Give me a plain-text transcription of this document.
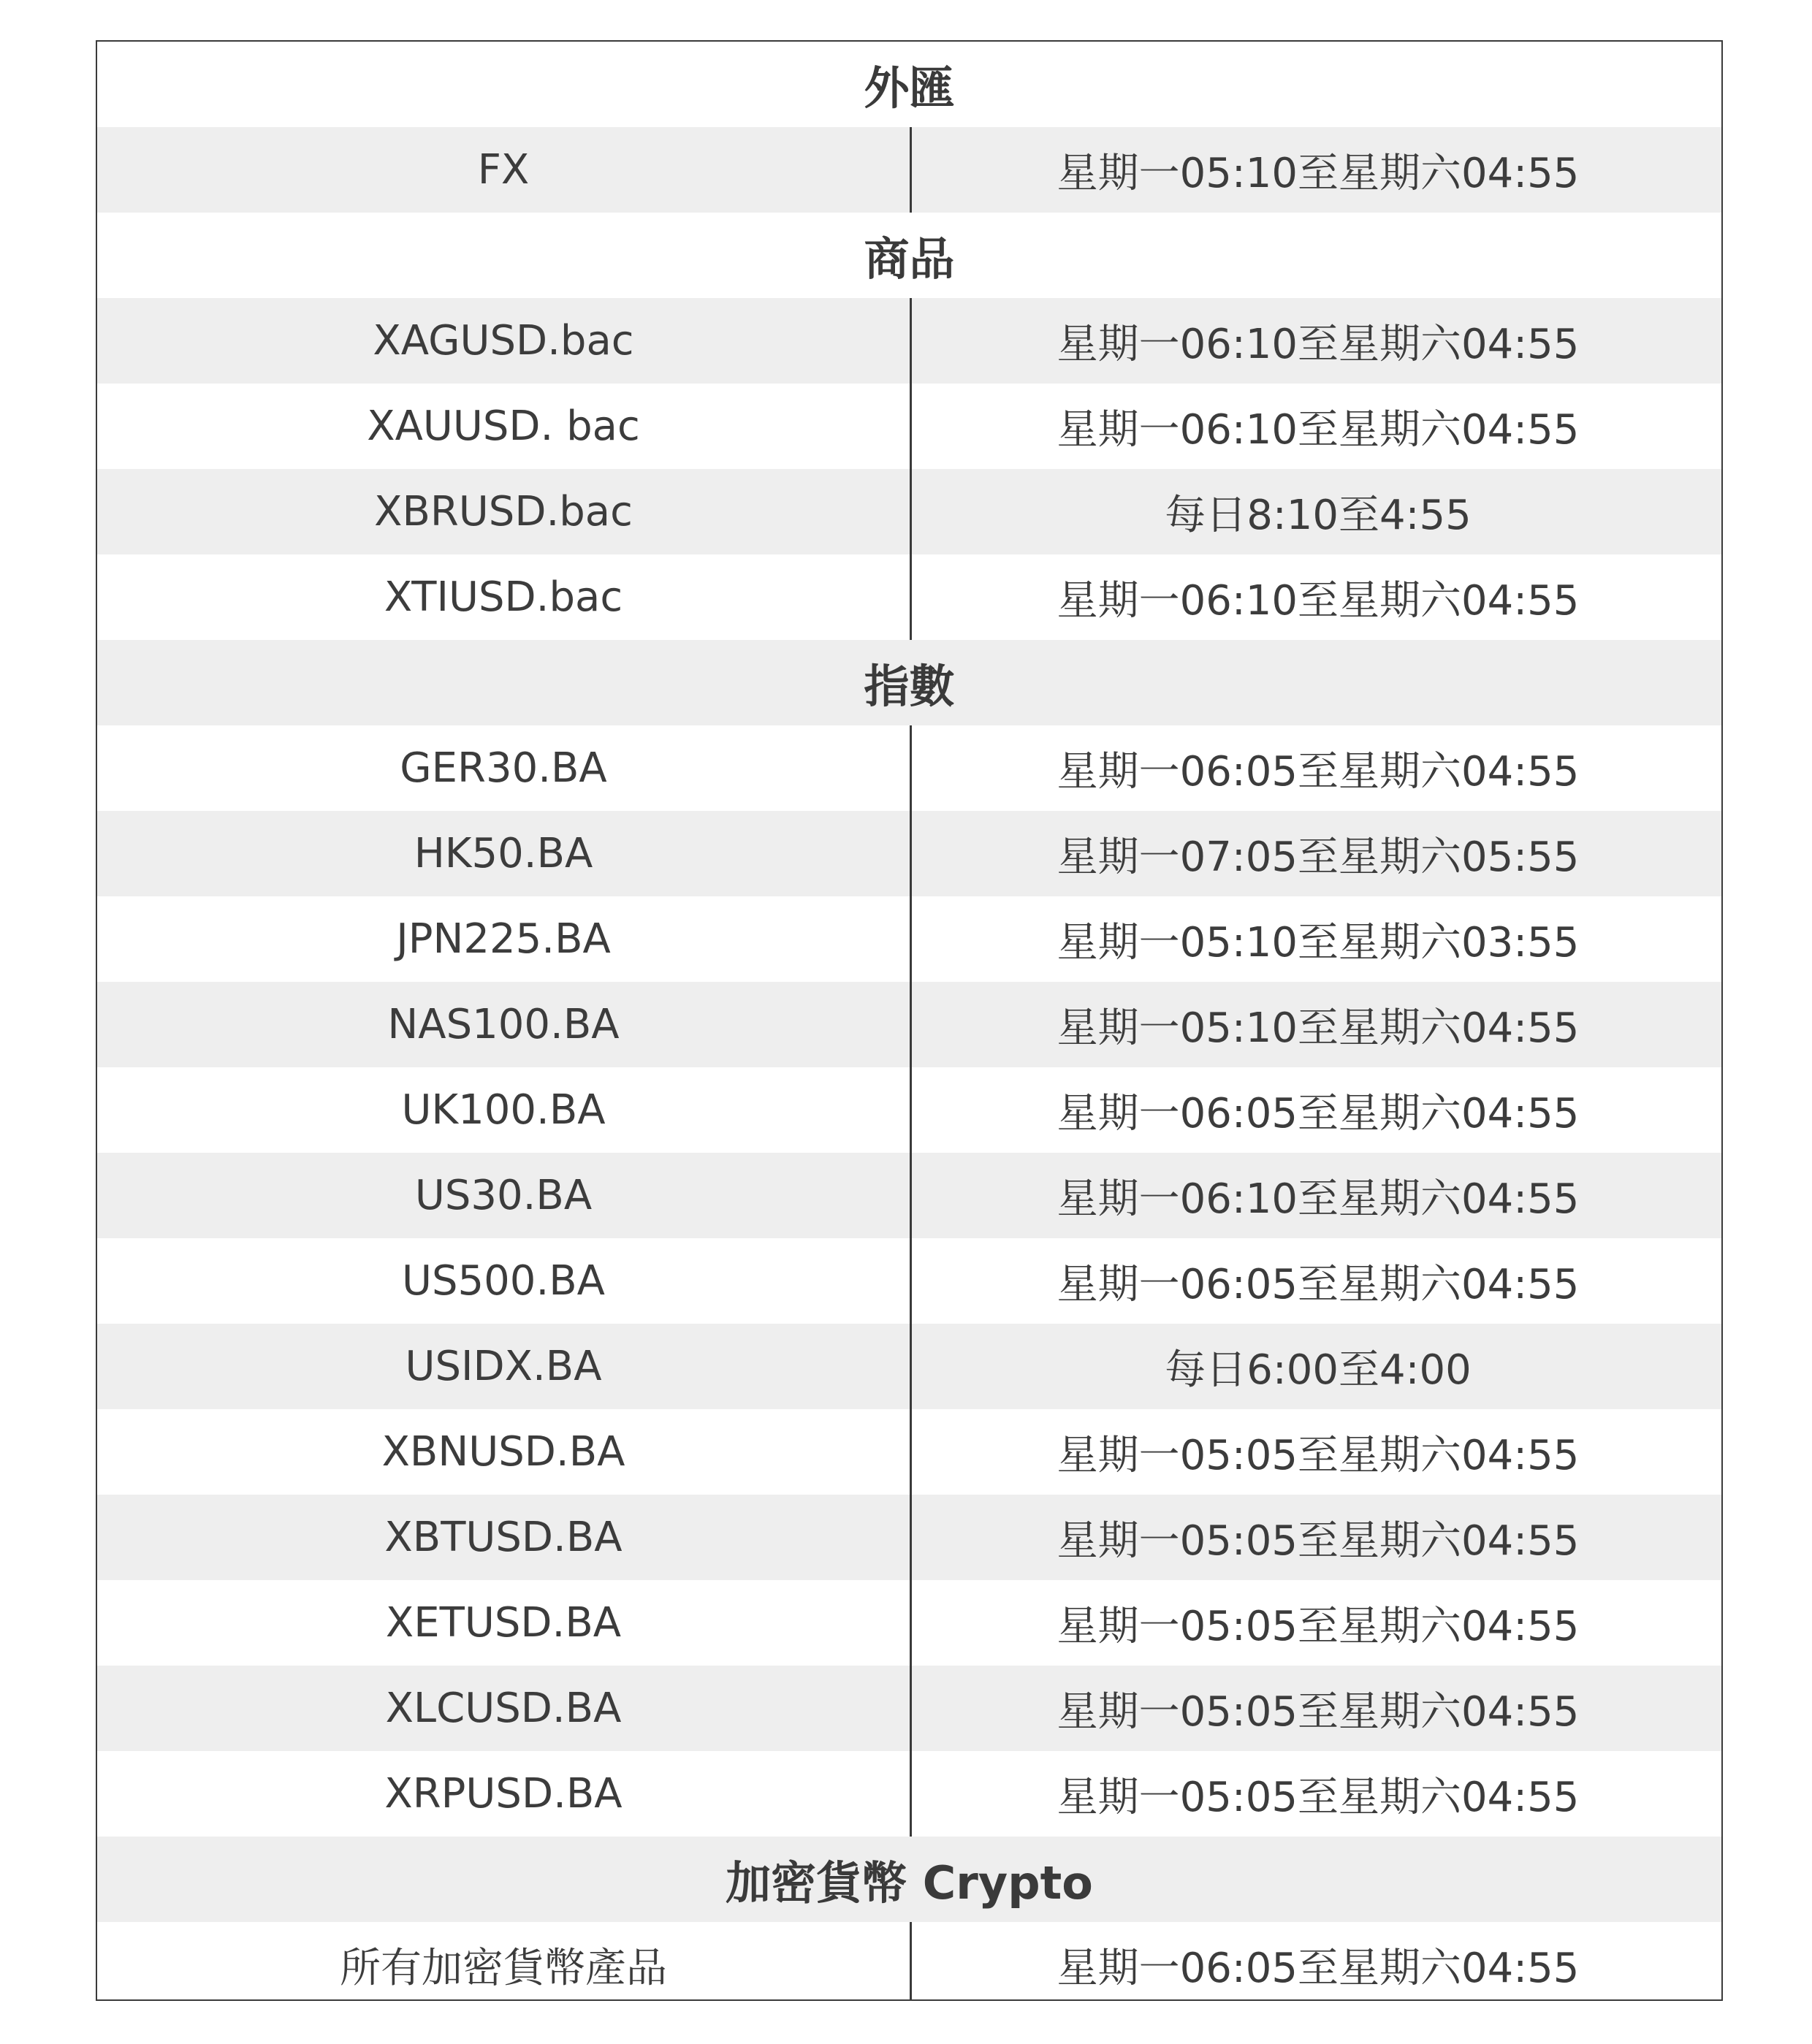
外匯
FX	星期一05:10至星期六04:55
商品
XAGUSD.bac	星期一06:10至星期六04:55
XAUUSD. bac	星期一06:10至星期六04:55
XBRUSD.bac	每日8:10至4:55
XTIUSD.bac	星期一06:10至星期六04:55
指數
GER30.BA	星期一06:05至星期六04:55
HK50.BA	星期一07:05至星期六05:55
JPN225.BA	星期一05:10至星期六03:55
NAS100.BA	星期一05:10至星期六04:55
UK100.BA	星期一06:05至星期六04:55
US30.BA	星期一06:10至星期六04:55
US500.BA	星期一06:05至星期六04:55
USIDX.BA	每日6:00至4:00
XBNUSD.BA	星期一05:05至星期六04:55
XBTUSD.BA	星期一05:05至星期六04:55
XETUSD.BA	星期一05:05至星期六04:55
XLCUSD.BA	星期一05:05至星期六04:55
XRPUSD.BA	星期一05:05至星期六04:55
加密貨幣 Crypto
所有加密貨幣產品	星期一06:05至星期六04:55
